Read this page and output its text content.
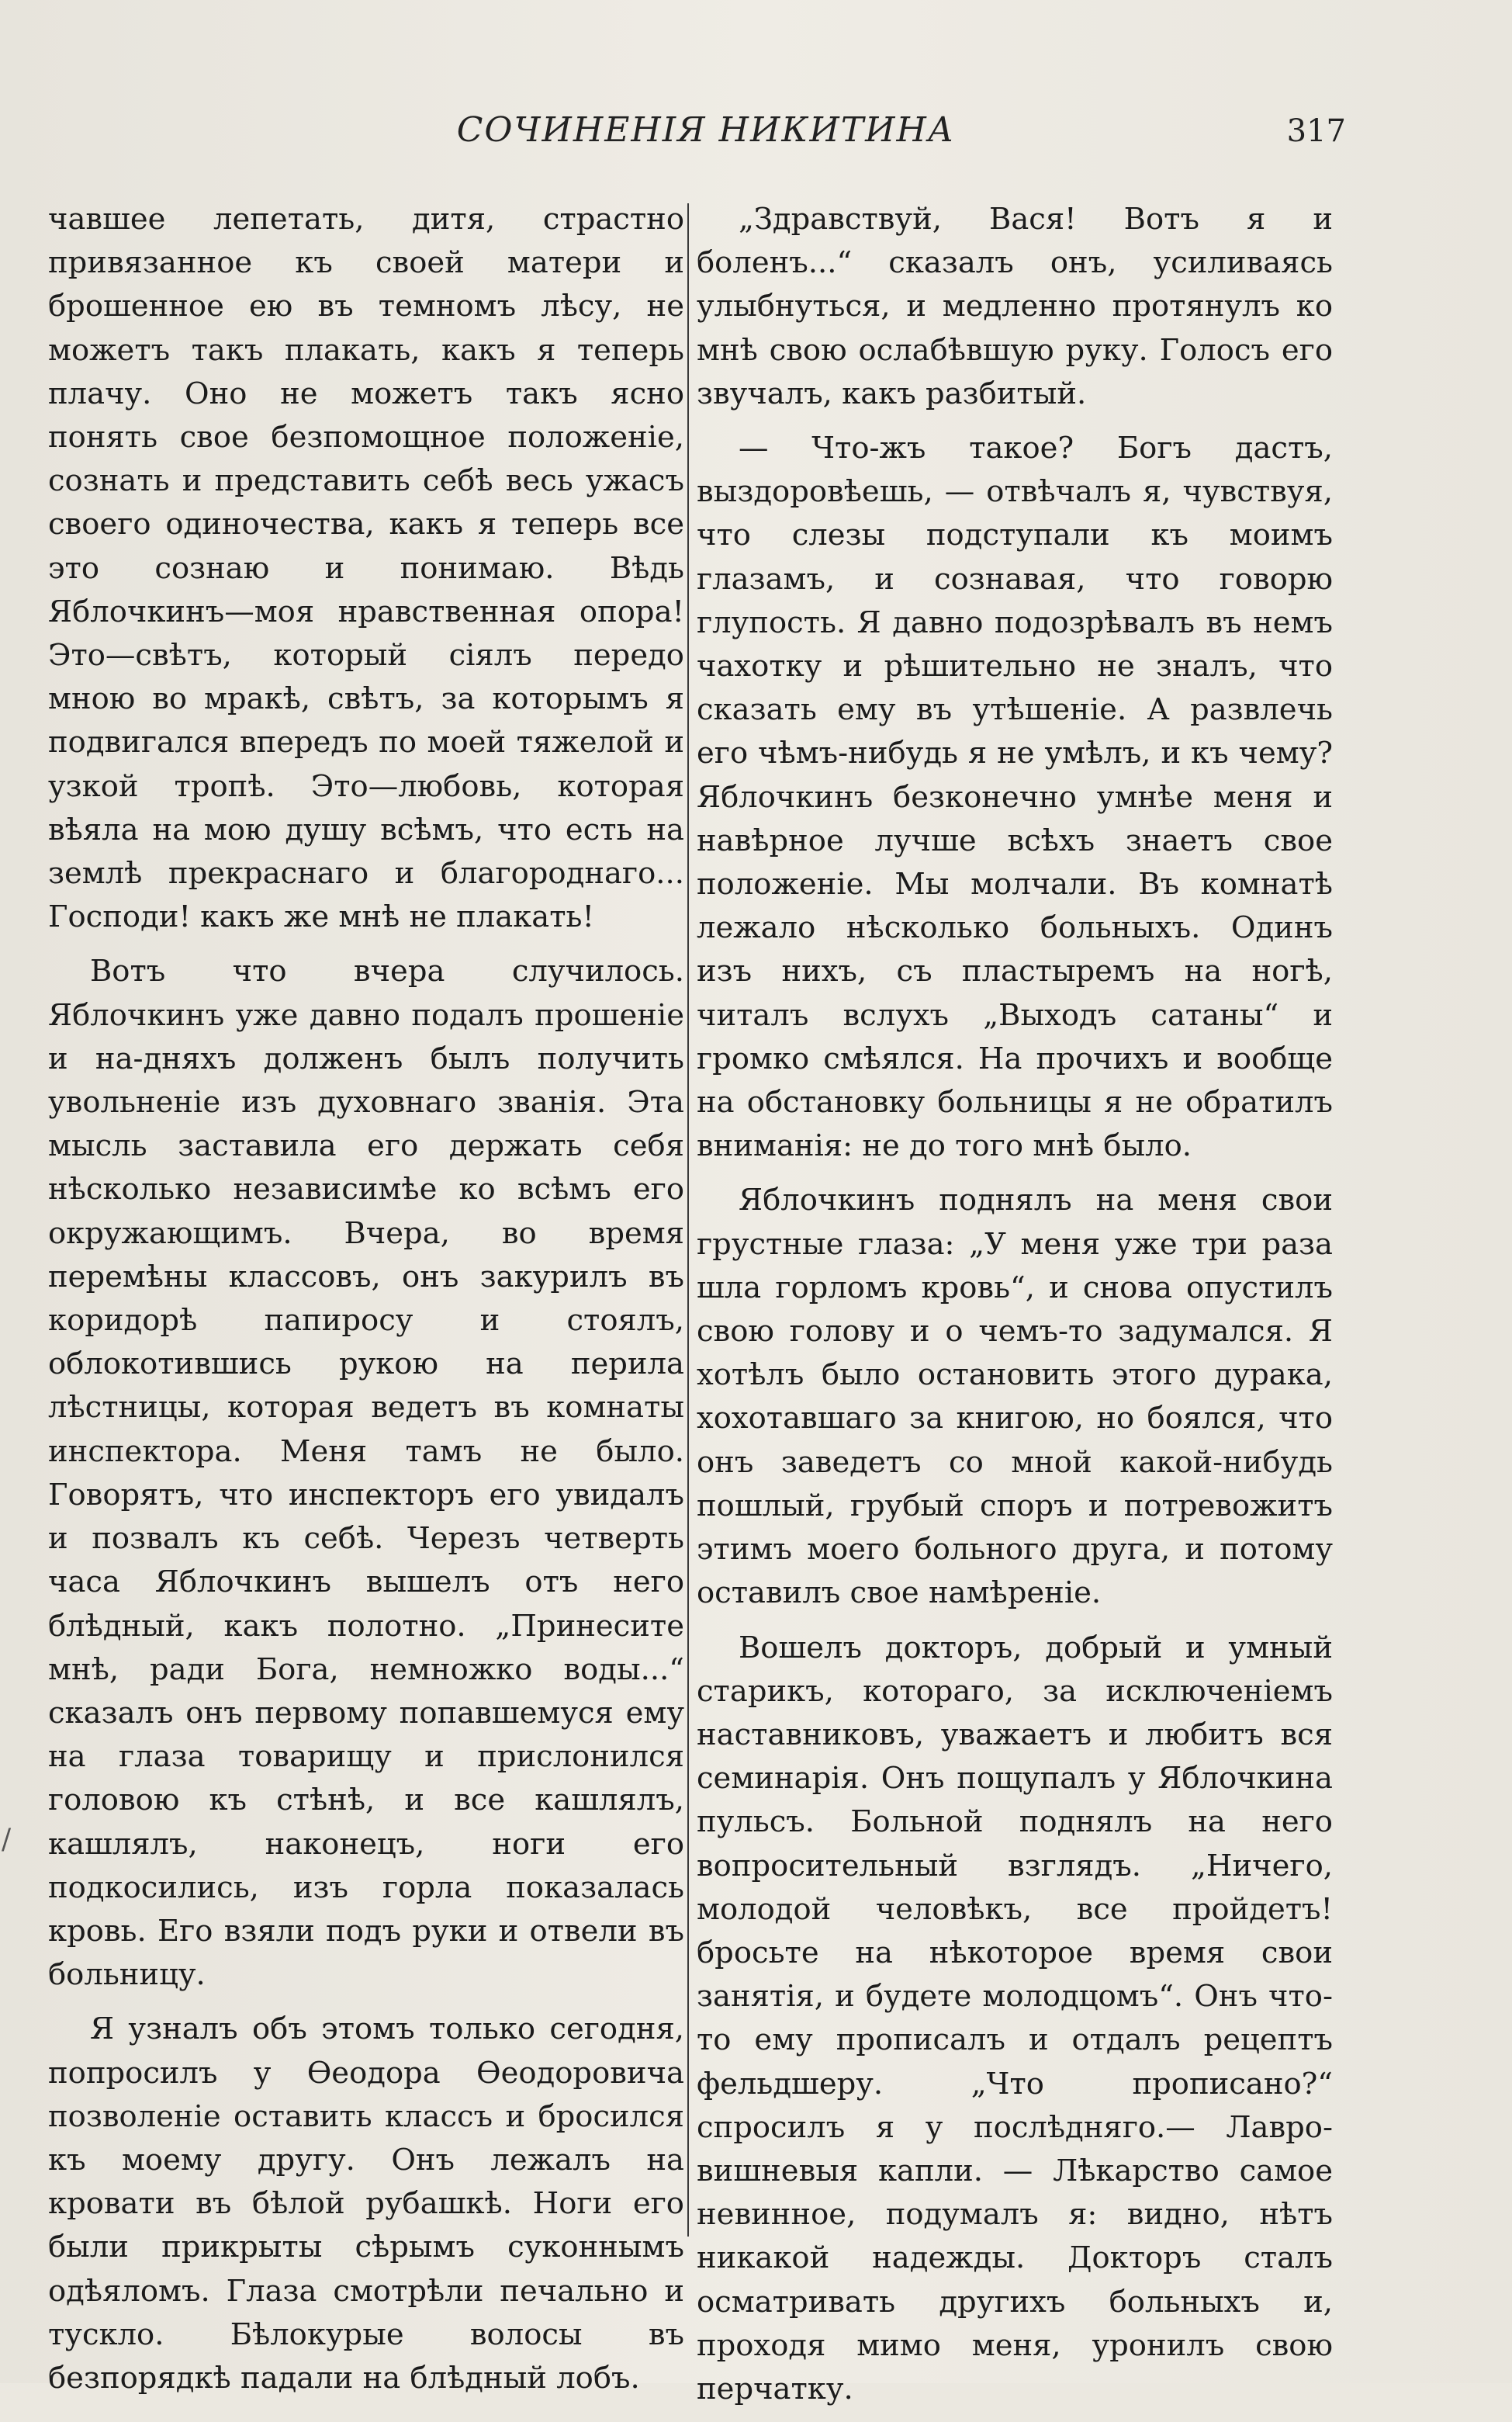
СОЧИНЕНІЯ НИКИТИНА	317

чавшее лепетать, дитя, страстно привязанное къ своей матери и брошенное ею въ темномъ лѣсу, не можетъ такъ плакать, какъ я теперь плачу. Оно не можетъ такъ ясно понять свое безпомощное положеніе, сознать и представить себѣ весь ужасъ своего одиночества, какъ я теперь все это сознаю и понимаю. Вѣдь Яблочкинъ—моя нравственная опора! Это—свѣтъ, который сіялъ передо мною во мракѣ, свѣтъ, за которымъ я подвигался впередъ по моей тяжелой и узкой тропѣ. Это—любовь, которая вѣяла на мою душу всѣмъ, что есть на землѣ прекраснаго и благороднаго... Господи! какъ же мнѣ не плакать!

Вотъ что вчера случилось. Яблочкинъ уже давно подалъ прошеніе и на-дняхъ долженъ былъ получить увольненіе изъ духовнаго званія. Эта мысль заставила его держать себя нѣсколько независимѣе ко всѣмъ его окружающимъ. Вчера, во время перемѣны классовъ, онъ закурилъ въ коридорѣ папиросу и стоялъ, облокотившись рукою на перила лѣстницы, которая ведетъ въ комнаты инспектора. Меня тамъ не было. Говорятъ, что инспекторъ его увидалъ и позвалъ къ себѣ. Черезъ четверть часа Яблочкинъ вышелъ отъ него блѣдный, какъ полотно. „Принесите мнѣ, ради Бога, немножко воды...“ сказалъ онъ первому попавшемуся ему на глаза товарищу и прислонился головою къ стѣнѣ, и все кашлялъ, кашлялъ, наконецъ, ноги его подкосились, изъ горла показалась кровь. Его взяли подъ руки и отвели въ больницу.

Я узналъ объ этомъ только сегодня, попросилъ у Ѳеодора Ѳеодоровича позволеніе оставить классъ и бросился къ моему другу. Онъ лежалъ на кровати въ бѣлой рубашкѣ. Ноги его были прикрыты сѣрымъ суконнымъ одѣяломъ. Глаза смотрѣли печально и тускло. Бѣлокурые волосы въ безпорядкѣ падали на блѣдный лобъ.

„Здравствуй, Вася! Вотъ я и боленъ...“ сказалъ онъ, усиливаясь улыбнуться, и медленно протянулъ ко мнѣ свою ослабѣвшую руку. Голосъ его звучалъ, какъ разбитый.

— Что-жъ такое? Богъ дастъ, выздоровѣешь, — отвѣчалъ я, чувствуя, что слезы подступали къ моимъ глазамъ, и сознавая, что говорю глупость. Я давно подозрѣвалъ въ немъ чахотку и рѣшительно не зналъ, что сказать ему въ утѣшеніе. А развлечь его чѣмъ-нибудь я не умѣлъ, и къ чему? Яблочкинъ безконечно умнѣе меня и навѣрное лучше всѣхъ знаетъ свое положеніе. Мы молчали. Въ комнатѣ лежало нѣсколько больныхъ. Одинъ изъ нихъ, съ пластыремъ на ногѣ, читалъ вслухъ „Выходъ сатаны“ и громко смѣялся. На прочихъ и вообще на обстановку больницы я не обратилъ вниманія: не до того мнѣ было.

Яблочкинъ поднялъ на меня свои грустные глаза: „У меня уже три раза шла горломъ кровь“, и снова опустилъ свою голову и о чемъ-то задумался. Я хотѣлъ было остановить этого дурака, хохотавшаго за книгою, но боялся, что онъ заведетъ со мной какой-нибудь пошлый, грубый споръ и потревожитъ этимъ моего больного друга, и потому оставилъ свое намѣреніе.

Вошелъ докторъ, добрый и умный старикъ, котораго, за исключеніемъ наставниковъ, уважаетъ и любитъ вся семинарія. Онъ пощупалъ у Яблочкина пульсъ. Больной поднялъ на него вопросительный взглядъ. „Ничего, молодой человѣкъ, все пройдетъ! бросьте на нѣкоторое время свои занятія, и будете молодцомъ“. Онъ что-то ему прописалъ и отдалъ рецептъ фельдшеру. „Что прописано?“ спросилъ я у послѣдняго.— Лавро-вишневыя капли. — Лѣкарство самое невинное, подумалъ я: видно, нѣтъ никакой надежды. Докторъ сталъ осматривать другихъ больныхъ и, проходя мимо меня, уронилъ свою перчатку.

/
